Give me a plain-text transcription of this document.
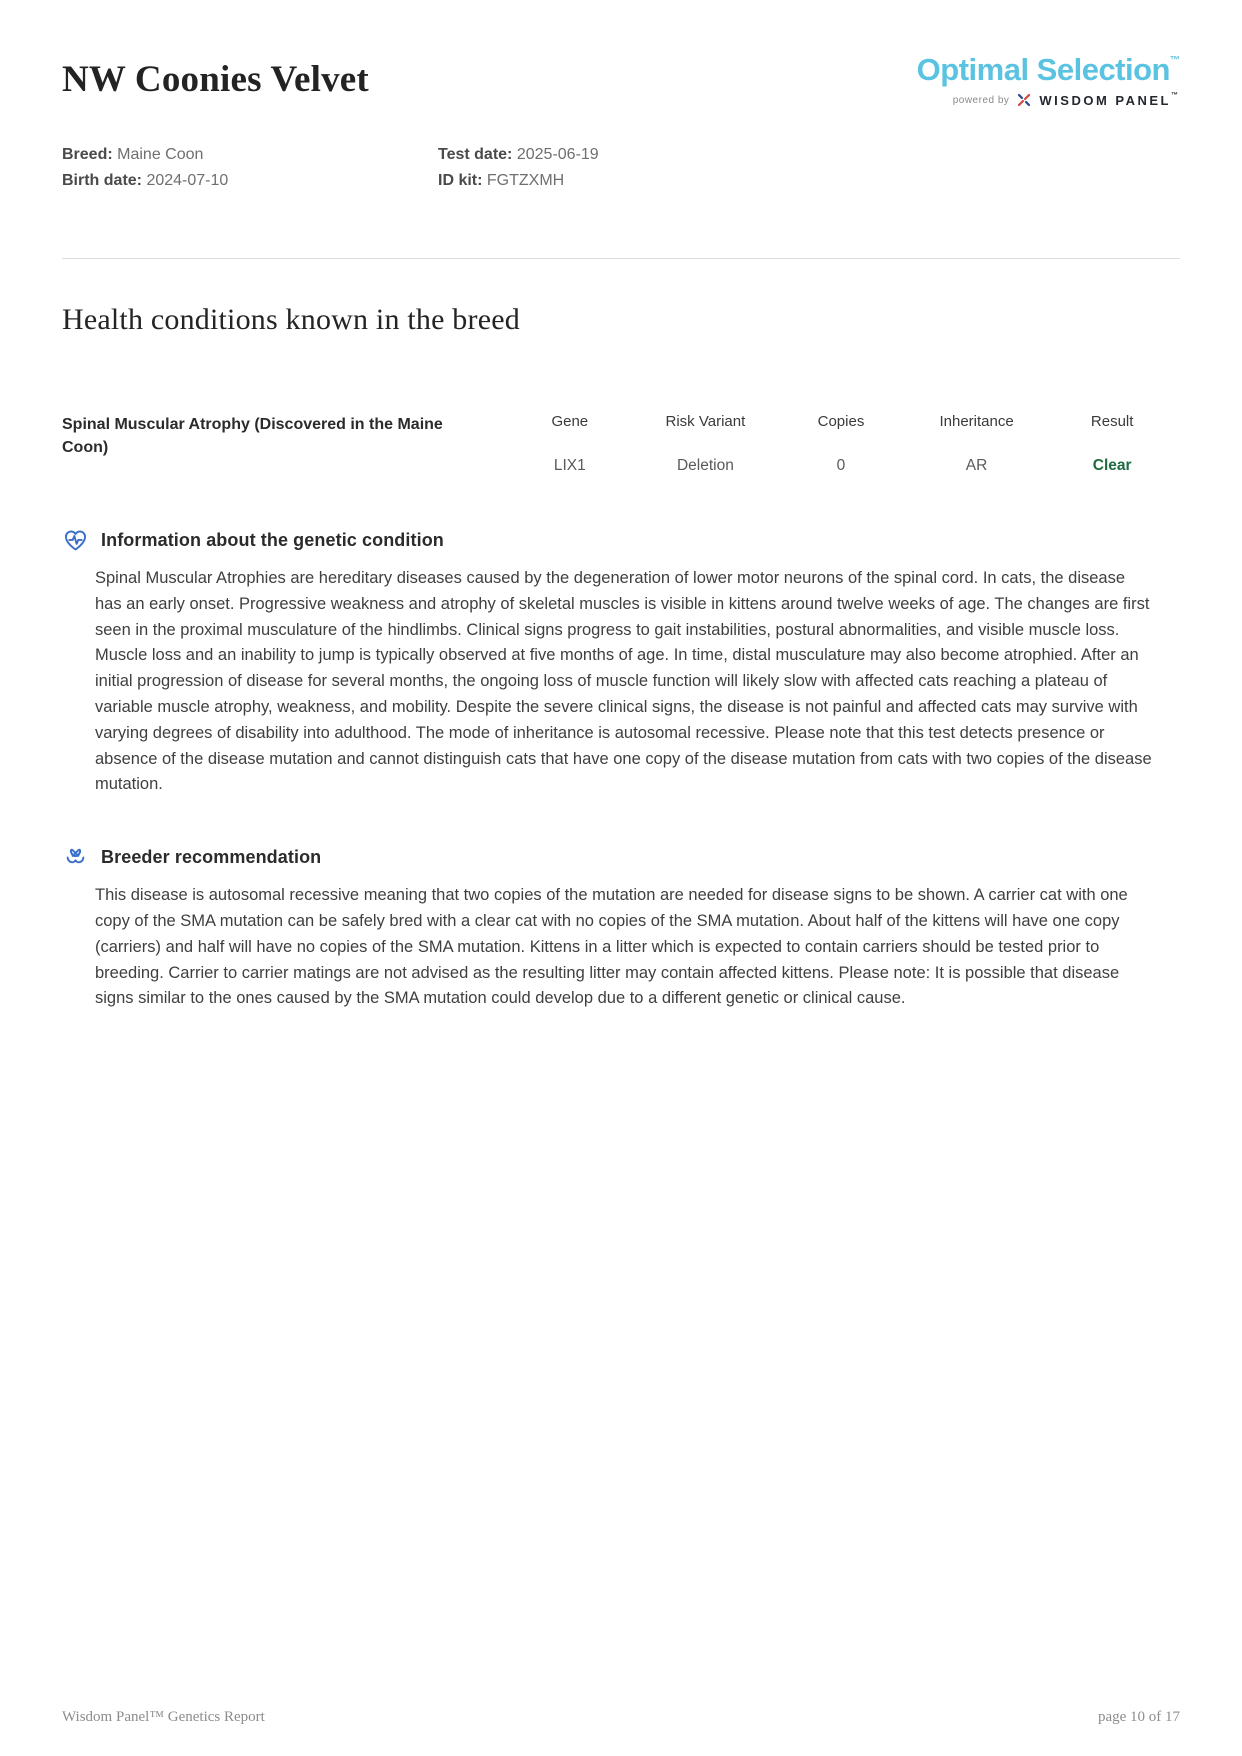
NW Coonies Velvet	Optimal Selection™
powered by WISDOM PANEL™
Breed: Maine Coon
Birth date: 2024-07-10
Test date: 2025-06-19
ID kit: FGTZXMH
Health conditions known in the breed
Spinal Muscular Atrophy (Discovered in the Maine Coon)
Gene
LIX1
Risk Variant
Deletion
Copies
0
Inheritance
AR
Result
Clear
Information about the genetic condition

Spinal Muscular Atrophies are hereditary diseases caused by the degeneration of lower motor neurons of the spinal cord. In cats, the disease has an early onset. Progressive weakness and atrophy of skeletal muscles is visible in kittens around twelve weeks of age. The changes are first seen in the proximal musculature of the hindlimbs. Clinical signs progress to gait instabilities, postural abnormalities, and visible muscle loss. Muscle loss and an inability to jump is typically observed at five months of age. In time, distal musculature may also become atrophied. After an initial progression of disease for several months, the ongoing loss of muscle function will likely slow with affected cats reaching a plateau of variable muscle atrophy, weakness, and mobility. Despite the severe clinical signs, the disease is not painful and affected cats may survive with varying degrees of disability into adulthood. The mode of inheritance is autosomal recessive. Please note that this test detects presence or absence of the disease mutation and cannot distinguish cats that have one copy of the disease mutation from cats with two copies of the disease mutation.

Breeder recommendation

This disease is autosomal recessive meaning that two copies of the mutation are needed for disease signs to be shown. A carrier cat with one copy of the SMA mutation can be safely bred with a clear cat with no copies of the SMA mutation. About half of the kittens will have one copy (carriers) and half will have no copies of the SMA mutation. Kittens in a litter which is expected to contain carriers should be tested prior to breeding. Carrier to carrier matings are not advised as the resulting litter may contain affected kittens. Please note: It is possible that disease signs similar to the ones caused by the SMA mutation could develop due to a different genetic or clinical cause.

Wisdom Panel™ Genetics Report	page 10 of 17
